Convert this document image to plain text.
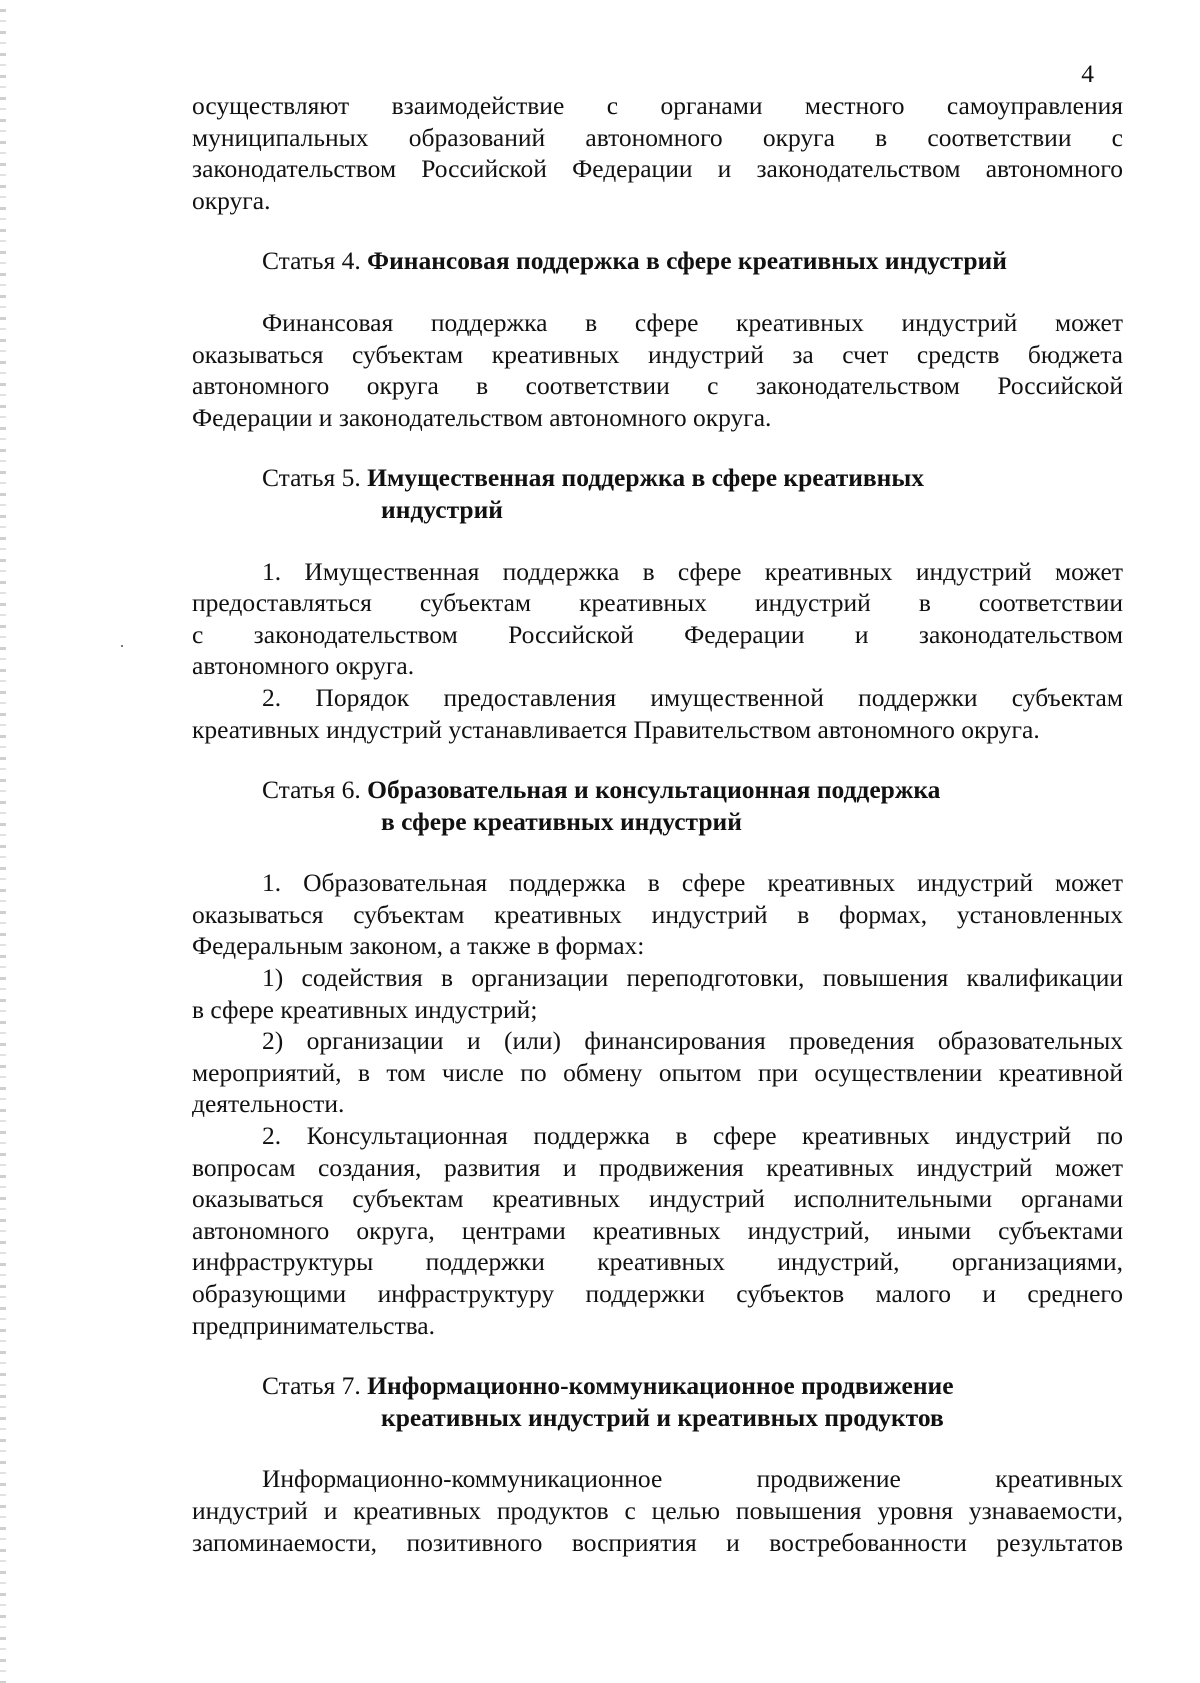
4
осуществляют взаимодействие с органами местного самоуправления
муниципальных образований автономного округа в соответствии с
законодательством Российской Федерации и законодательством автономного
округа.
Статья 4. Финансовая поддержка в сфере креативных индустрий
Финансовая поддержка в сфере креативных индустрий может
оказываться субъектам креативных индустрий за счет средств бюджета
автономного округа в соответствии с законодательством Российской
Федерации и законодательством автономного округа.
Статья 5. Имущественная поддержка в сфере креативных
индустрий
1. Имущественная поддержка в сфере креативных индустрий может
предоставляться субъектам креативных индустрий в соответствии
с законодательством Российской Федерации и законодательством
автономного округа.
2. Порядок предоставления имущественной поддержки субъектам
креативных индустрий устанавливается Правительством автономного округа.
Статья 6. Образовательная и консультационная поддержка
в сфере креативных индустрий
1. Образовательная поддержка в сфере креативных индустрий может
оказываться субъектам креативных индустрий в формах, установленных
Федеральным законом, а также в формах:
1) содействия в организации переподготовки, повышения квалификации
в сфере креативных индустрий;
2) организации и (или) финансирования проведения образовательных
мероприятий, в том числе по обмену опытом при осуществлении креативной
деятельности.
2. Консультационная поддержка в сфере креативных индустрий по
вопросам создания, развития и продвижения креативных индустрий может
оказываться субъектам креативных индустрий исполнительными органами
автономного округа, центрами креативных индустрий, иными субъектами
инфраструктуры поддержки креативных индустрий, организациями,
образующими инфраструктуру поддержки субъектов малого и среднего
предпринимательства.
Статья 7. Информационно-коммуникационное продвижение
креативных индустрий и креативных продуктов
Информационно-коммуникационное продвижение креативных
индустрий и креативных продуктов с целью повышения уровня узнаваемости,
запоминаемости, позитивного восприятия и востребованности результатов
